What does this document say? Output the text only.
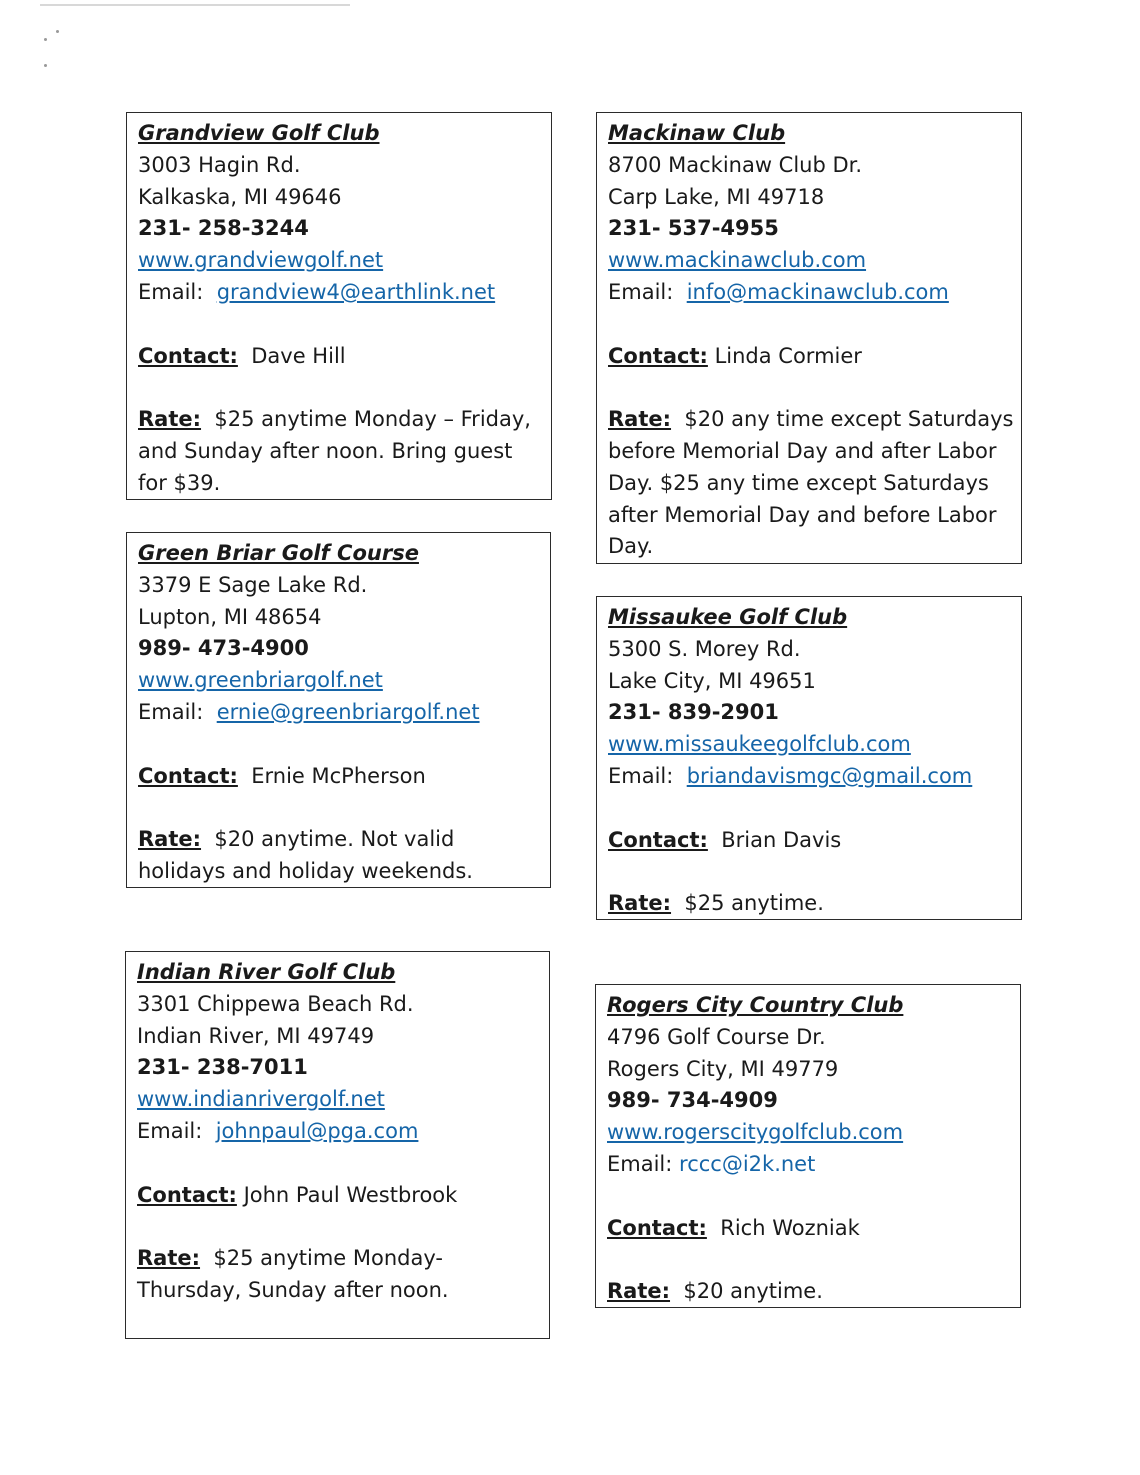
Grandview Golf Club
3003 Hagin Rd.
Kalkaska, MI 49646
231- 258-3244
www.grandviewgolf.net
Email: grandview4@earthlink.net
Contact: Dave Hill
Rate: $25 anytime Monday – Friday,
and Sunday after noon. Bring guest
for $39.
Green Briar Golf Course
3379 E Sage Lake Rd.
Lupton, MI 48654
989- 473-4900
www.greenbriargolf.net
Email: ernie@greenbriargolf.net
Contact: Ernie McPherson
Rate: $20 anytime. Not valid
holidays and holiday weekends.
Indian River Golf Club
3301 Chippewa Beach Rd.
Indian River, MI 49749
231- 238-7011
www.indianrivergolf.net
Email: johnpaul@pga.com
Contact: John Paul Westbrook
Rate: $25 anytime Monday-
Thursday, Sunday after noon.
Mackinaw Club
8700 Mackinaw Club Dr.
Carp Lake, MI 49718
231- 537-4955
www.mackinawclub.com
Email: info@mackinawclub.com
Contact: Linda Cormier
Rate: $20 any time except Saturdays
before Memorial Day and after Labor
Day. $25 any time except Saturdays
after Memorial Day and before Labor
Day.
Missaukee Golf Club
5300 S. Morey Rd.
Lake City, MI 49651
231- 839-2901
www.missaukeegolfclub.com
Email: briandavismgc@gmail.com
Contact: Brian Davis
Rate: $25 anytime.
Rogers City Country Club
4796 Golf Course Dr.
Rogers City, MI 49779
989- 734-4909
www.rogerscitygolfclub.com
Email: rccc@i2k.net
Contact: Rich Wozniak
Rate: $20 anytime.
